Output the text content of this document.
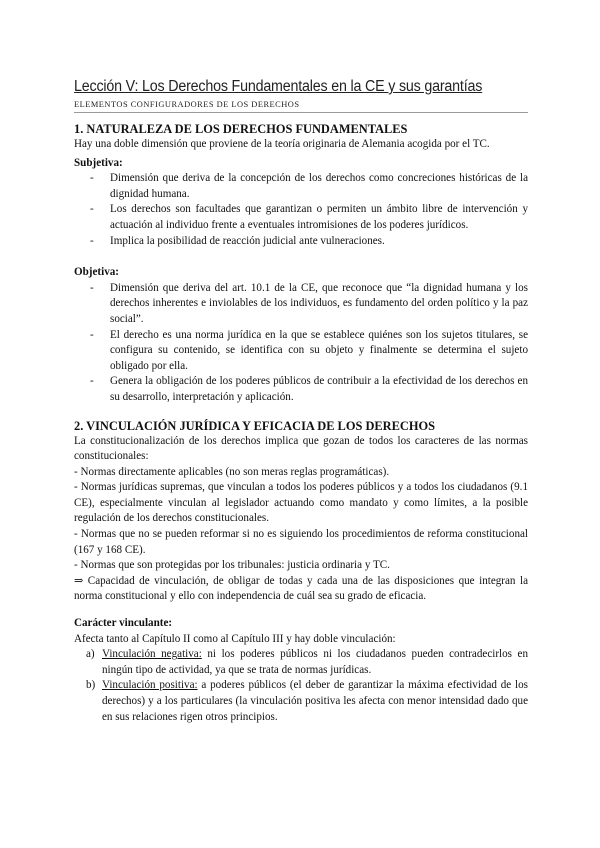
Lección V: Los Derechos Fundamentales en la CE y sus garantías
ELEMENTOS CONFIGURADORES DE LOS DERECHOS
1. NATURALEZA DE LOS DERECHOS FUNDAMENTALES

Hay una doble dimensión que proviene de la teoría originaria de Alemania acogida por el TC.

Subjetiva:

- Dimensión que deriva de la concepción de los derechos como concreciones históricas de la dignidad humana.
- Los derechos son facultades que garantizan o permiten un ámbito libre de intervención y actuación al individuo frente a eventuales intromisiones de los poderes jurídicos.
- Implica la posibilidad de reacción judicial ante vulneraciones.

Objetiva:

- Dimensión que deriva del art. 10.1 de la CE, que reconoce que “la dignidad humana y los derechos inherentes e inviolables de los individuos, es fundamento del orden político y la paz social”.
- El derecho es una norma jurídica en la que se establece quiénes son los sujetos titulares, se configura su contenido, se identifica con su objeto y finalmente se determina el sujeto obligado por ella.
- Genera la obligación de los poderes públicos de contribuir a la efectividad de los derechos en su desarrollo, interpretación y aplicación.
2. VINCULACIÓN JURÍDICA Y EFICACIA DE LOS DERECHOS

La constitucionalización de los derechos implica que gozan de todos los caracteres de las normas constitucionales:

- Normas directamente aplicables (no son meras reglas programáticas).

- Normas jurídicas supremas, que vinculan a todos los poderes públicos y a todos los ciudadanos (9.1 CE), especialmente vinculan al legislador actuando como mandato y como límites, a la posible regulación de los derechos constitucionales.

- Normas que no se pueden reformar si no es siguiendo los procedimientos de reforma constitucional (167 y 168 CE).

- Normas que son protegidas por los tribunales: justicia ordinaria y TC.

⇒ Capacidad de vinculación, de obligar de todas y cada una de las disposiciones que integran la norma constitucional y ello con independencia de cuál sea su grado de eficacia.

Carácter vinculante:

Afecta tanto al Capítulo II como al Capítulo III y hay doble vinculación:

a) Vinculación negativa: ni los poderes públicos ni los ciudadanos pueden contradecirlos en ningún tipo de actividad, ya que se trata de normas jurídicas.
b) Vinculación positiva: a poderes públicos (el deber de garantizar la máxima efectividad de los derechos) y a los particulares (la vinculación positiva les afecta con menor intensidad dado que en sus relaciones rigen otros principios.
